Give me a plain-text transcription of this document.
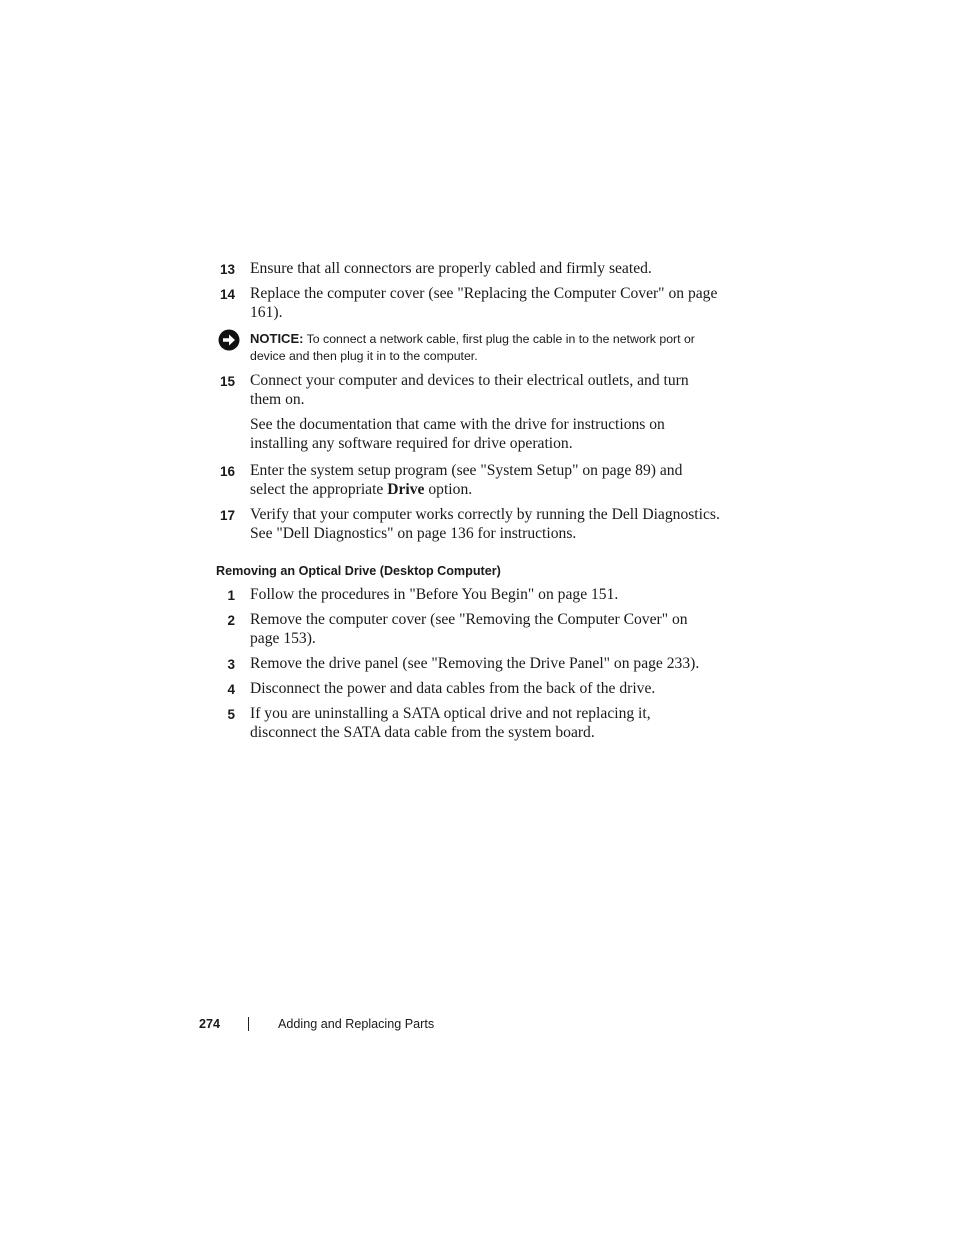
13 Ensure that all connectors are properly cabled and firmly seated.
14 Replace the computer cover (see "Replacing the Computer Cover" on page 161).
NOTICE: To connect a network cable, first plug the cable in to the network port or device and then plug it in to the computer.
15 Connect your computer and devices to their electrical outlets, and turn them on.
See the documentation that came with the drive for instructions on installing any software required for drive operation.
16 Enter the system setup program (see "System Setup" on page 89) and select the appropriate Drive option.
17 Verify that your computer works correctly by running the Dell Diagnostics. See "Dell Diagnostics" on page 136 for instructions.
Removing an Optical Drive (Desktop Computer)
1 Follow the procedures in "Before You Begin" on page 151.
2 Remove the computer cover (see "Removing the Computer Cover" on page 153).
3 Remove the drive panel (see "Removing the Drive Panel" on page 233).
4 Disconnect the power and data cables from the back of the drive.
5 If you are uninstalling a SATA optical drive and not replacing it, disconnect the SATA data cable from the system board.
274	Adding and Replacing Parts
